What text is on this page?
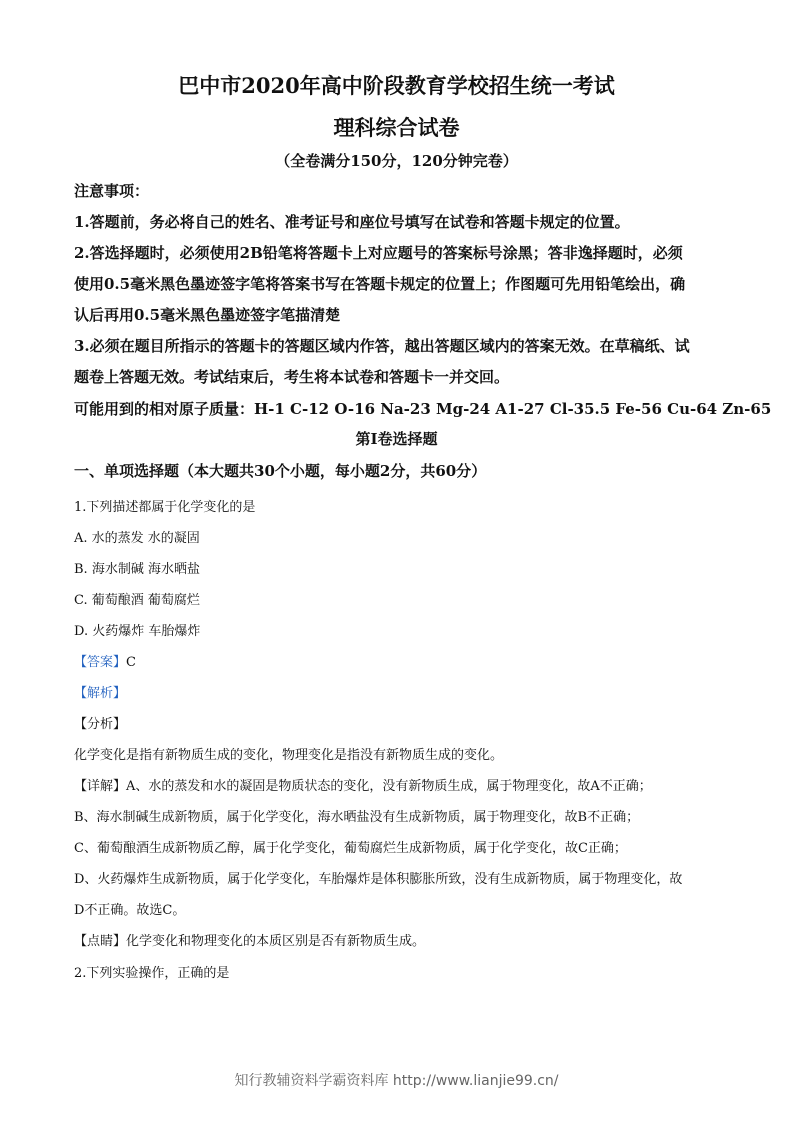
巴中市2020年高中阶段教育学校招生统一考试
理科综合试卷
（全卷满分150分，120分钟完卷）
注意事项：
1.答题前，务必将自己的姓名、准考证号和座位号填写在试卷和答题卡规定的位置。
2.答选择题时，必须使用2B铅笔将答题卡上对应题号的答案标号涂黑；答非逸择题时，必须
使用0.5毫米黑色墨迹签字笔将答案书写在答题卡规定的位置上；作图题可先用铅笔绘出，确
认后再用0.5毫米黑色墨迹签字笔描清楚
3.必须在题目所指示的答题卡的答题区域内作答，越出答题区域内的答案无效。在草稿纸、试
题卷上答题无效。考试结束后，考生将本试卷和答题卡一并交回。
可能用到的相对原子质量：H-1 C-12 O-16 Na-23 Mg-24 A1-27 Cl-35.5 Fe-56 Cu-64 Zn-65
第Ⅰ卷选择题
一、单项选择题（本大题共30个小题，每小题2分，共60分）
1.下列描述都属于化学变化的是
A. 水的蒸发 水的凝固
B. 海水制碱 海水晒盐
C. 葡萄酿酒 葡萄腐烂
D. 火药爆炸 车胎爆炸
【答案】C
【解析】
【分析】
化学变化是指有新物质生成的变化，物理变化是指没有新物质生成的变化。
【详解】A、水的蒸发和水的凝固是物质状态的变化，没有新物质生成，属于物理变化，故A不正确；
B、海水制碱生成新物质，属于化学变化，海水晒盐没有生成新物质，属于物理变化，故B不正确；
C、葡萄酿酒生成新物质乙醇，属于化学变化，葡萄腐烂生成新物质，属于化学变化，故C正确；
D、火药爆炸生成新物质，属于化学变化，车胎爆炸是体积膨胀所致，没有生成新物质，属于物理变化，故
D不正确。故选C。
【点睛】化学变化和物理变化的本质区别是否有新物质生成。
2.下列实验操作，正确的是
知行教辅资料学霸资料库 http://www.lianjie99.cn/
